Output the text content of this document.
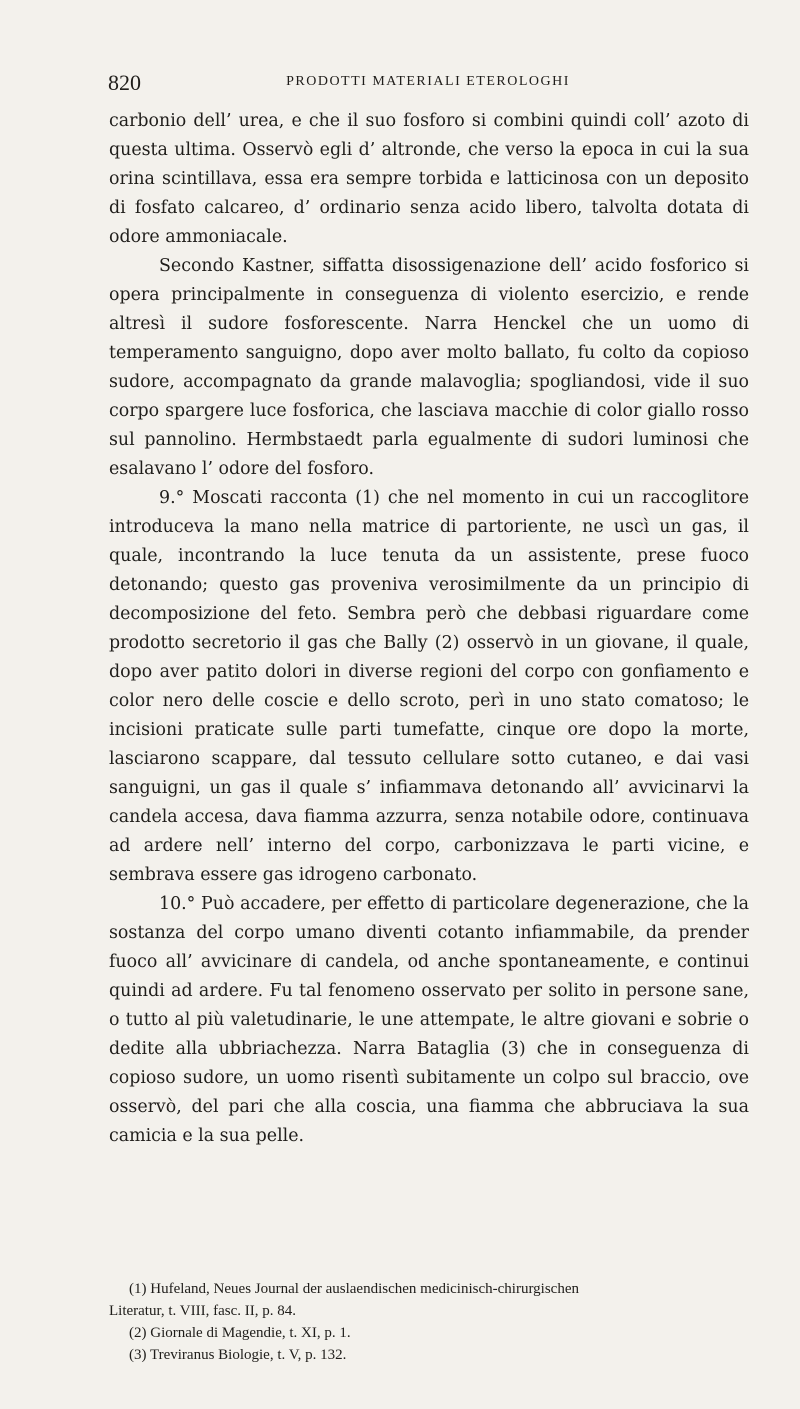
820	PRODOTTI MATERIALI ETEROLOGHI

carbonio dell’ urea, e che il suo fosforo si combini quindi coll’ azoto di questa ultima. Osservò egli d’ altronde, che verso la epoca in cui la sua orina scintillava, essa era sempre torbida e latticinosa con un deposito di fosfato calcareo, d’ ordinario senza acido libero, talvolta dotata di odore ammoniacale.

Secondo Kastner, siffatta disossigenazione dell’ acido fosforico si opera principalmente in conseguenza di violento esercizio, e rende altresì il sudore fosforescente. Narra Henckel che un uomo di temperamento sanguigno, dopo aver molto ballato, fu colto da copioso sudore, accompagnato da grande malavoglia; spogliandosi, vide il suo corpo spargere luce fosforica, che lasciava macchie di color giallo rosso sul pannolino. Hermbstaedt parla egualmente di sudori luminosi che esalavano l’ odore del fosforo.

9.° Moscati racconta (1) che nel momento in cui un raccoglitore introduceva la mano nella matrice di partoriente, ne uscì un gas, il quale, incontrando la luce tenuta da un assistente, prese fuoco detonando; questo gas proveniva verosimilmente da un principio di decomposizione del feto. Sembra però che debbasi riguardare come prodotto secretorio il gas che Bally (2) osservò in un giovane, il quale, dopo aver patito dolori in diverse regioni del corpo con gonfiamento e color nero delle coscie e dello scroto, perì in uno stato comatoso; le incisioni praticate sulle parti tumefatte, cinque ore dopo la morte, lasciarono scappare, dal tessuto cellulare sotto cutaneo, e dai vasi sanguigni, un gas il quale s’ infiammava detonando all’ avvicinarvi la candela accesa, dava fiamma azzurra, senza notabile odore, continuava ad ardere nell’ interno del corpo, carbonizzava le parti vicine, e sembrava essere gas idrogeno carbonato.

10.° Può accadere, per effetto di particolare degenerazione, che la sostanza del corpo umano diventi cotanto infiammabile, da prender fuoco all’ avvicinare di candela, od anche spontaneamente, e continui quindi ad ardere. Fu tal fenomeno osservato per solito in persone sane, o tutto al più valetudinarie, le une attempate, le altre giovani e sobrie o dedite alla ubbriachezza. Narra Bataglia (3) che in conseguenza di copioso sudore, un uomo risentì subitamente un colpo sul braccio, ove osservò, del pari che alla coscia, una fiamma che abbruciava la sua camicia e la sua pelle.

(1) Hufeland, Neues Journal der auslaendischen medicinisch-chirurgischen

Literatur, t. VIII, fasc. II, p. 84.

(2) Giornale di Magendie, t. XI, p. 1.

(3) Treviranus Biologie, t. V, p. 132.
